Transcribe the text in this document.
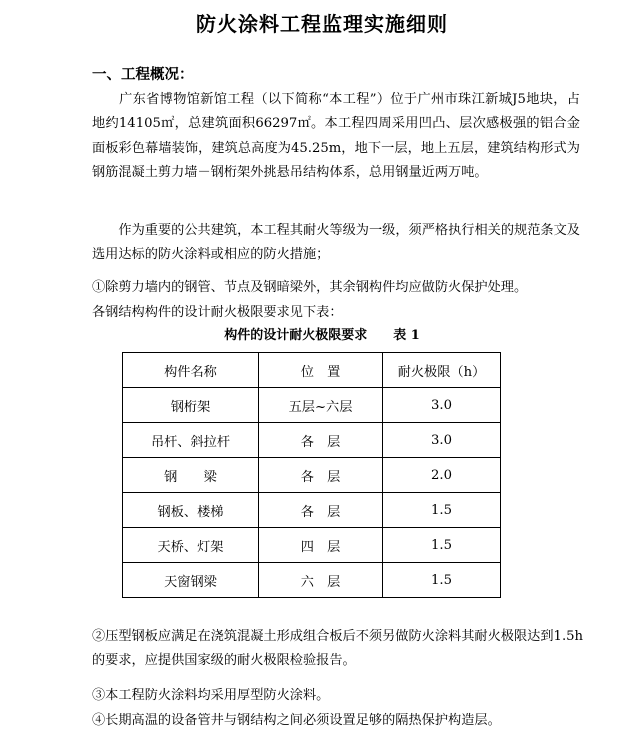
防火涂料工程监理实施细则
一、工程概况：
　　广东省博物馆新馆工程（以下简称“本工程”）位于广州市珠江新城J5地块，占地约14105㎡，总建筑面积66297㎡。本工程四周采用凹凸、层次感极强的铝合金面板彩色幕墙装饰，建筑总高度为45.25m，地下一层，地上五层，建筑结构形式为钢筋混凝土剪力墙－钢桁架外挑悬吊结构体系，总用钢量近两万吨。
　　作为重要的公共建筑，本工程其耐火等级为一级，须严格执行相关的规范条文及选用达标的防火涂料或相应的防火措施；
①除剪力墙内的钢管、节点及钢暗梁外，其余钢构件均应做防火保护处理。
各钢结构构件的设计耐火极限要求见下表：
构件的设计耐火极限要求　　表 1
构件名称	位　置	耐火极限（h）
钢桁架	五层~六层	3.0
吊杆、斜拉杆	各　层	3.0
钢　　梁	各　层	2.0
钢板、楼梯	各　层	1.5
天桥、灯架	四　层	1.5
天窗钢梁	六　层	1.5
②压型钢板应满足在浇筑混凝土形成组合板后不须另做防火涂料其耐火极限达到1.5h的要求，应提供国家级的耐火极限检验报告。
③本工程防火涂料均采用厚型防火涂料。
④长期高温的设备管井与钢结构之间必须设置足够的隔热保护构造层。
